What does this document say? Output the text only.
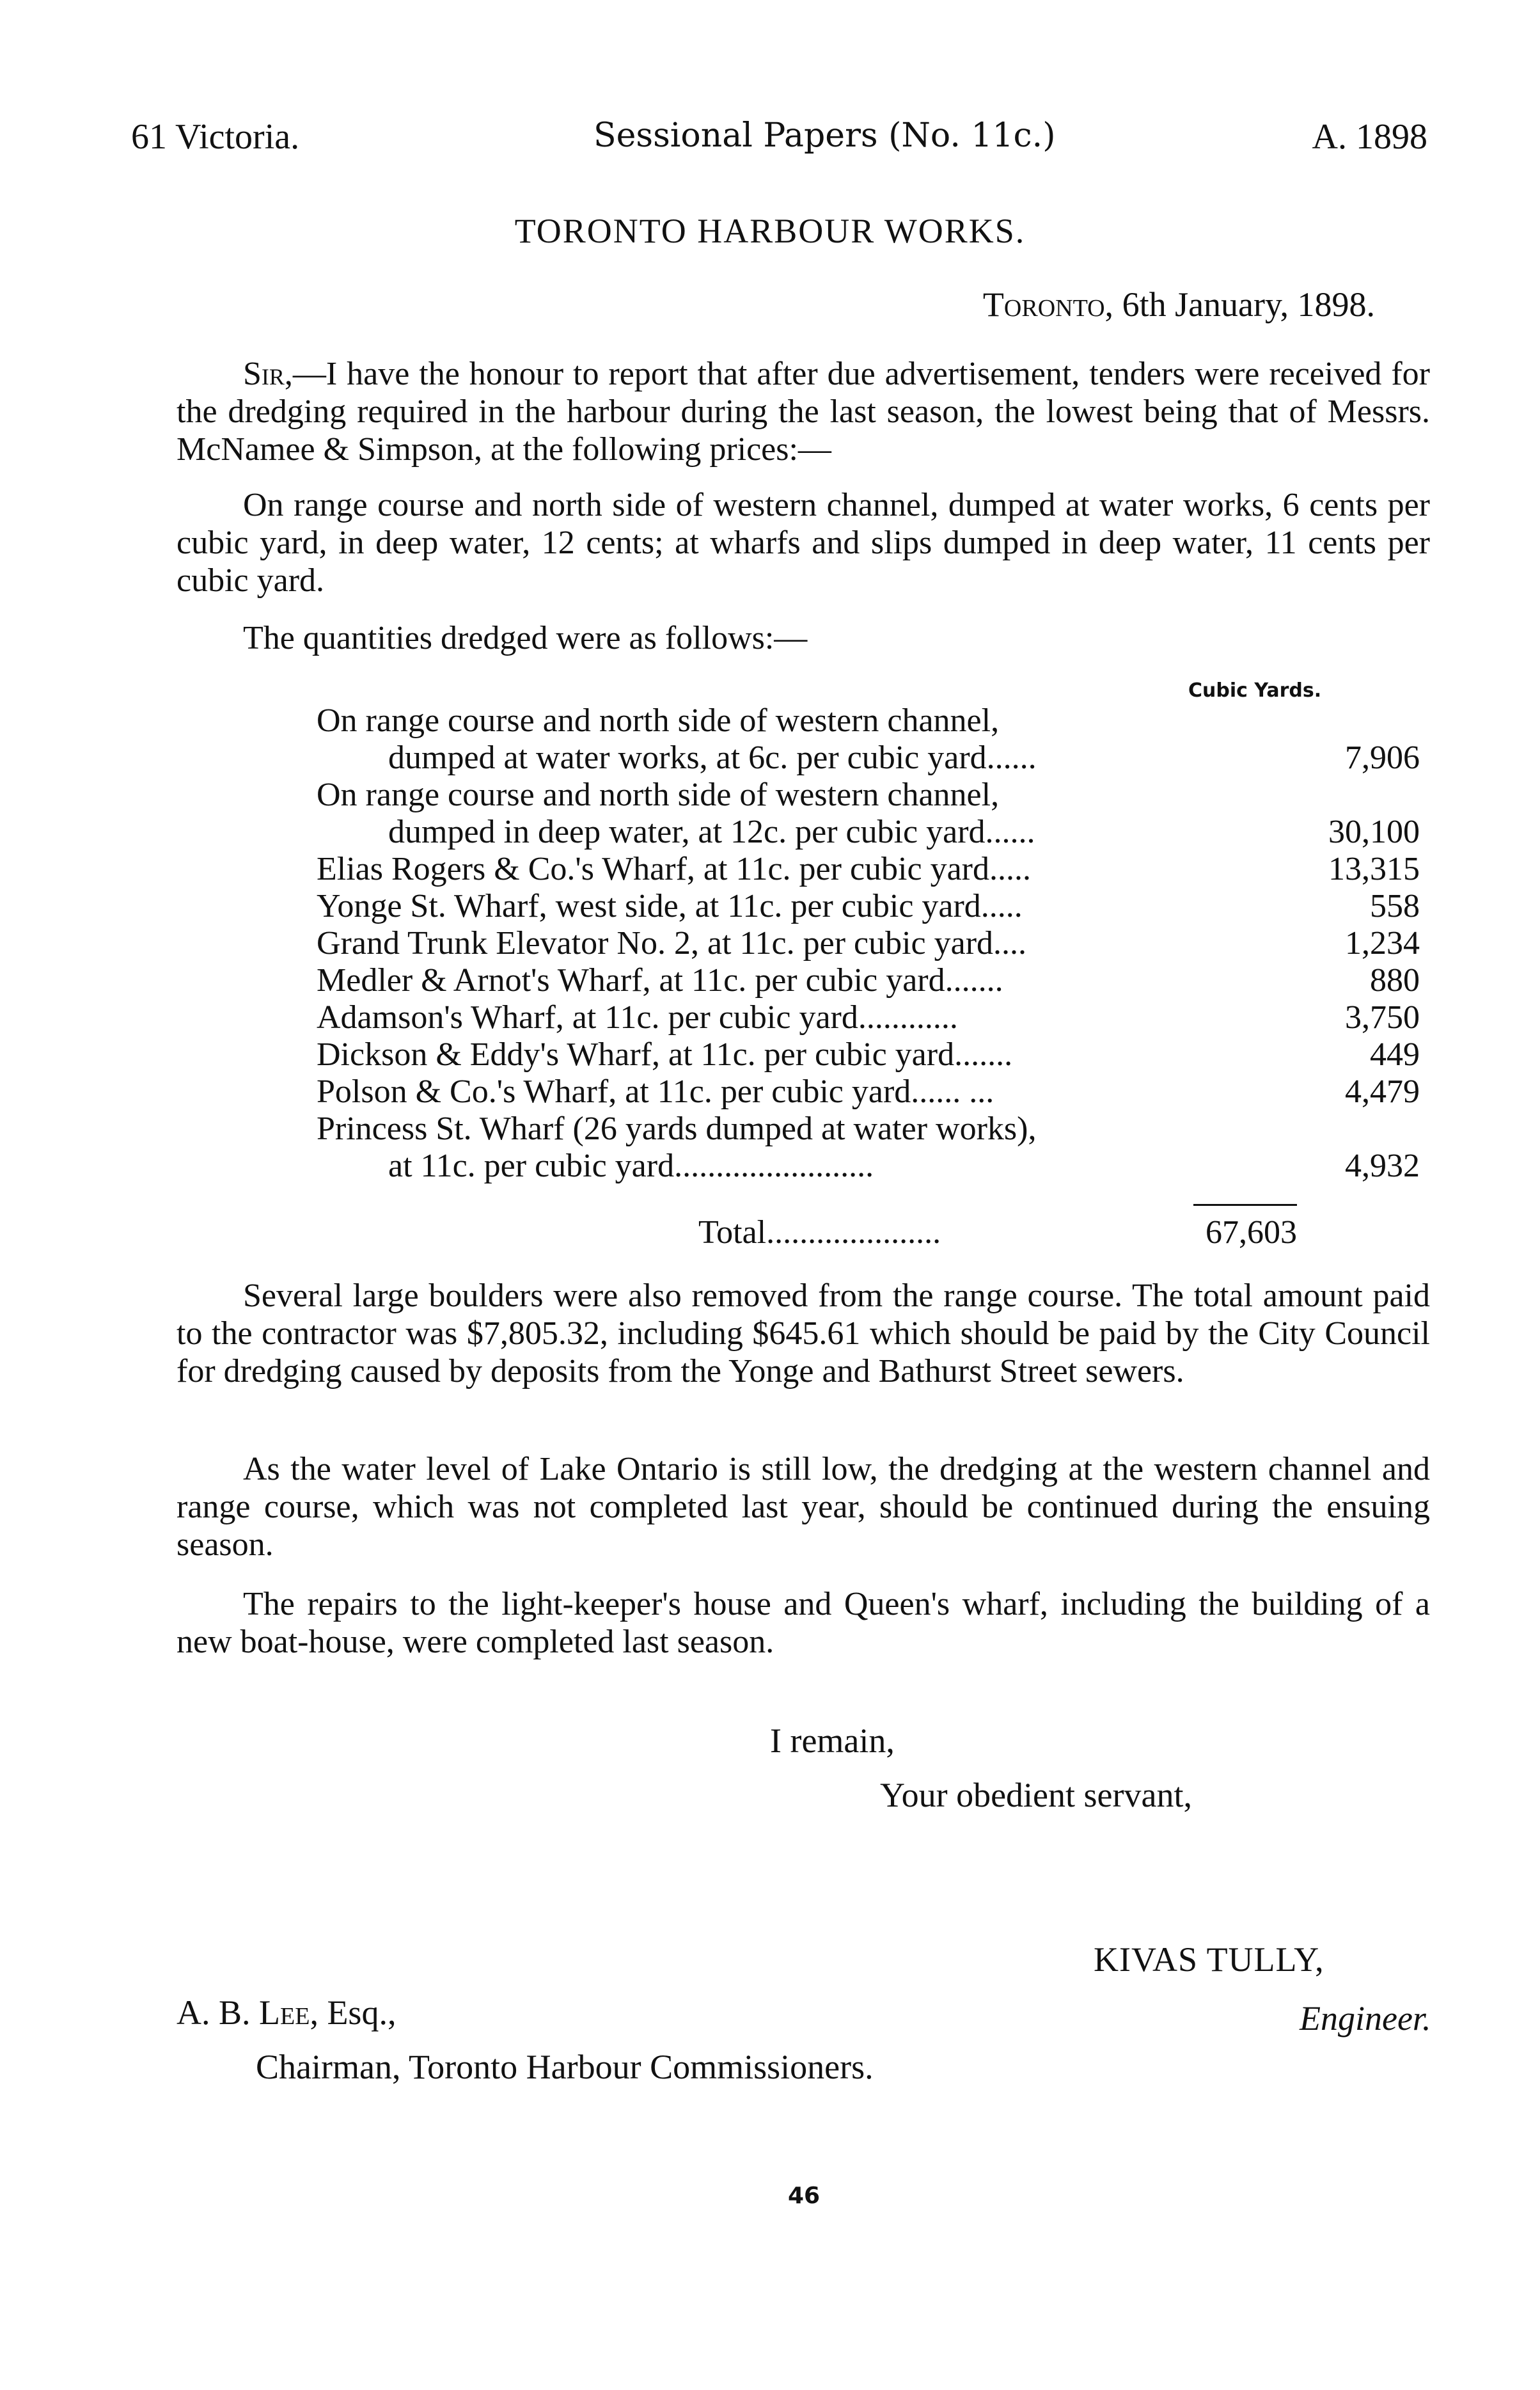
61 Victoria.	Sessional Papers (No. 11c.)	A. 1898
TORONTO HARBOUR WORKS.
Toronto, 6th January, 1898.

Sir,—I have the honour to report that after due advertisement, tenders were received for the dredging required in the harbour during the last season, the lowest being that of Messrs. McNamee & Simpson, at the following prices:—

On range course and north side of western channel, dumped at water works, 6 cents per cubic yard, in deep water, 12 cents; at wharfs and slips dumped in deep water, 11 cents per cubic yard.

The quantities dredged were as follows:—

Cubic Yards.
On range course and north side of western channel,
dumped at water works, at 6c. per cubic yard......	7,906
On range course and north side of western channel,
dumped in deep water, at 12c. per cubic yard......	30,100
Elias Rogers & Co.'s Wharf, at 11c. per cubic yard.....	13,315
Yonge St. Wharf, west side, at 11c. per cubic yard.....	558
Grand Trunk Elevator No. 2, at 11c. per cubic yard....	1,234
Medler & Arnot's Wharf, at 11c. per cubic yard.......	880
Adamson's Wharf, at 11c. per cubic yard............	3,750
Dickson & Eddy's Wharf, at 11c. per cubic yard.......	449
Polson & Co.'s Wharf, at 11c. per cubic yard...... ...	4,479
Princess St. Wharf (26 yards dumped at water works),
at 11c. per cubic yard........................	4,932
Total.....................	67,603

Several large boulders were also removed from the range course. The total amount paid to the contractor was $7,805.32, including $645.61 which should be paid by the City Council for dredging caused by deposits from the Yonge and Bathurst Street sewers.

As the water level of Lake Ontario is still low, the dredging at the western channel and range course, which was not completed last year, should be continued during the ensuing season.

The repairs to the light-keeper's house and Queen's wharf, including the building of a new boat-house, were completed last season.

I remain,
Your obedient servant,
KIVAS TULLY,
Engineer.
A. B. Lee, Esq.,
Chairman, Toronto Harbour Commissioners.
46
